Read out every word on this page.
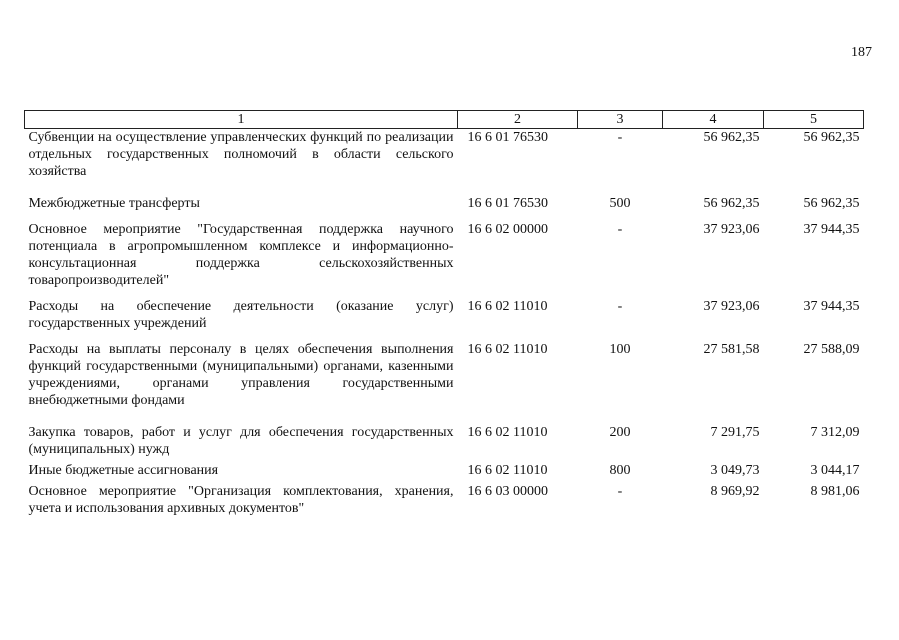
187
1	2	3	4	5
Субвенции на осуществление управленческих функций по реализации отдельных государственных полномочий в области сельского хозяйства	16 6 01 76530	-	56 962,35	56 962,35
Межбюджетные трансферты	16 6 01 76530	500	56 962,35	56 962,35
Основное мероприятие "Государственная поддержка научного потенциала в агропромышленном комплексе и информационно-консультационная поддержка сельскохозяйственных товаропроизводителей"	16 6 02 00000	-	37 923,06	37 944,35
Расходы на обеспечение деятельности (оказание услуг) государственных учреждений	16 6 02 11010	-	37 923,06	37 944,35
Расходы на выплаты персоналу в целях обеспечения выполнения функций государственными (муниципальными) органами, казенными учреждениями, органами управления государственными внебюджетными фондами	16 6 02 11010	100	27 581,58	27 588,09
Закупка товаров, работ и услуг для обеспечения государственных (муниципальных) нужд	16 6 02 11010	200	7 291,75	7 312,09
Иные бюджетные ассигнования	16 6 02 11010	800	3 049,73	3 044,17
Основное мероприятие "Организация комплектования, хранения, учета и использования архивных документов"	16 6 03 00000	-	8 969,92	8 981,06
